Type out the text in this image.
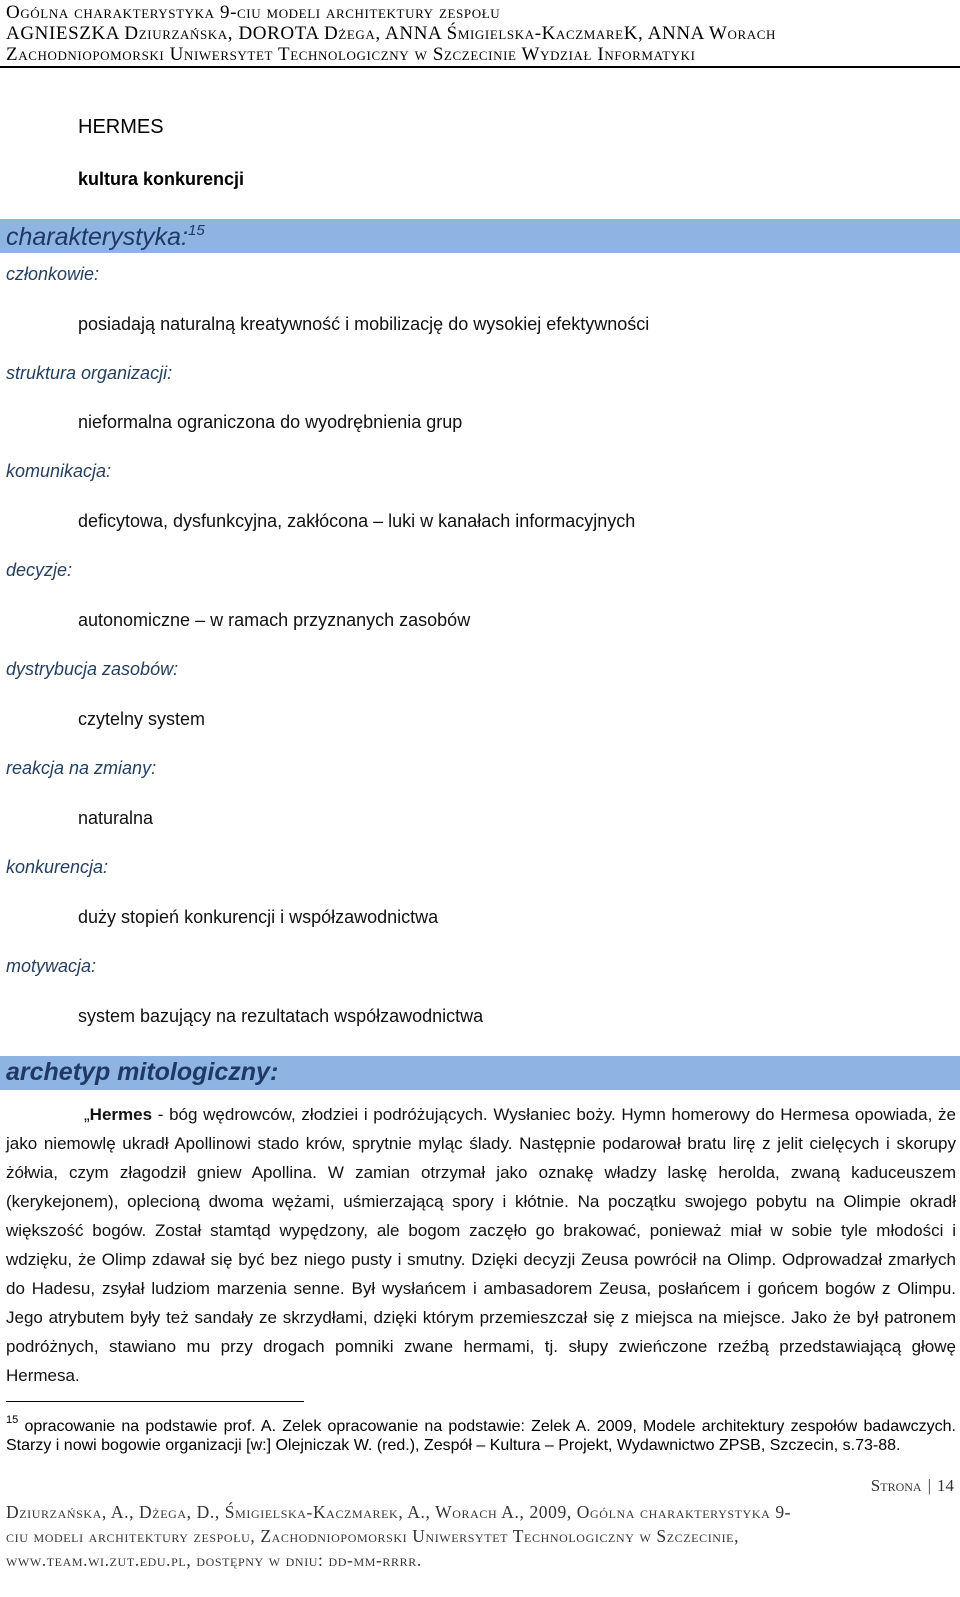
Ogólna charakterystyka 9-ciu modeli architektury zespołu
AGNIESZKA Dziurzańska, DOROTA Dżega, ANNA Śmigielska-KaczmareK, ANNA Worach
Zachodniopomorski Uniwersytet Technologiczny w Szczecinie Wydział Informatyki
HERMES
kultura konkurencji
charakterystyka:$^{15}$
członkowie:
posiadają naturalną kreatywność i mobilizację do wysokiej efektywności
struktura organizacji:
nieformalna ograniczona do wyodrębnienia grup
komunikacja:
deficytowa, dysfunkcyjna, zakłócona – luki w kanałach informacyjnych
decyzje:
autonomiczne – w ramach przyznanych zasobów
dystrybucja zasobów:
czytelny system
reakcja na zmiany:
naturalna
konkurencja:
duży stopień konkurencji i współzawodnictwa
motywacja:
system bazujący na rezultatach współzawodnictwa
archetyp mitologiczny:
„Hermes - bóg wędrowców, złodziei i podróżujących. Wysłaniec boży. Hymn homerowy do Hermesa opowiada, że jako niemowlę ukradł Apollinowi stado krów, sprytnie myląc ślady. Następnie podarował bratu lirę z jelit cielęcych i skorupy żółwia, czym złagodził gniew Apollina. W zamian otrzymał jako oznakę władzy laskę herolda, zwaną kaduceuszem (kerykejonem), oplecioną dwoma wężami, uśmierzającą spory i kłótnie. Na początku swojego pobytu na Olimpie okradł większość bogów. Został stamtąd wypędzony, ale bogom zaczęło go brakować, ponieważ miał w sobie tyle młodości i wdzięku, że Olimp zdawał się być bez niego pusty i smutny. Dzięki decyzji Zeusa powrócił na Olimp. Odprowadzał zmarłych do Hadesu, zsyłał ludziom marzenia senne. Był wysłańcem i ambasadorem Zeusa, posłańcem i gońcem bogów z Olimpu. Jego atrybutem były też sandały ze skrzydłami, dzięki którym przemieszczał się z miejsca na miejsce. Jako że był patronem podróżnych, stawiano mu przy drogach pomniki zwane hermami, tj. słupy zwieńczone rzeźbą przedstawiającą głowę Hermesa.
$^{15}$ opracowanie na podstawie prof. A. Zelek opracowanie na podstawie: Zelek A. 2009, Modele architektury zespołów badawczych. Starzy i nowi bogowie organizacji [w:] Olejniczak W. (red.), Zespół – Kultura – Projekt, Wydawnictwo ZPSB, Szczecin, s.73-88.
Strona | 14
Dziurzańska, A., Dżega, D., Śmigielska-Kaczmarek, A., Worach A., 2009, Ogólna charakterystyka 9-
ciu modeli architektury zespołu, Zachodniopomorski Uniwersytet Technologiczny w Szczecinie,
www.team.wi.zut.edu.pl, dostępny w dniu: dd-mm-rrrr.
